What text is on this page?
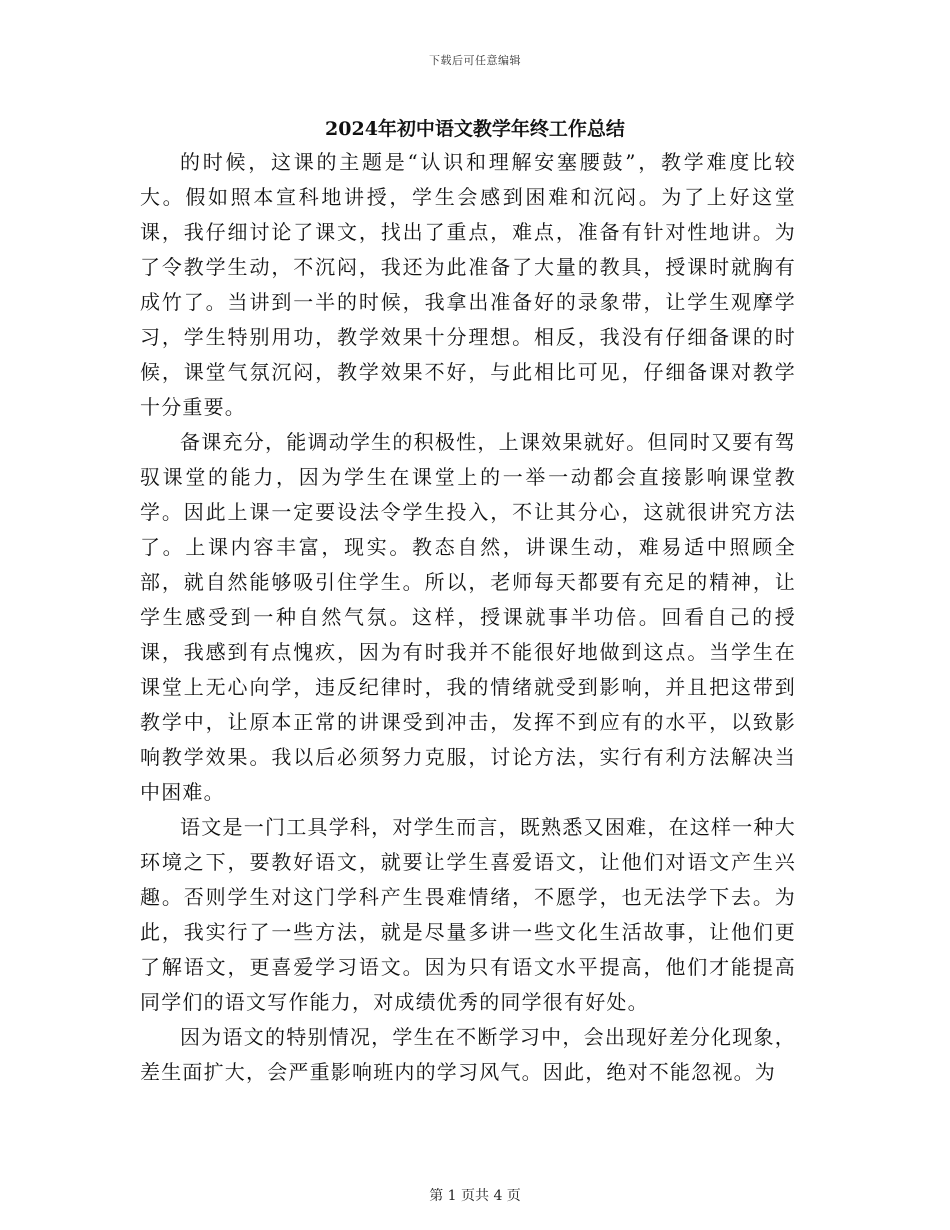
下载后可任意编辑
2024年初中语文教学年终工作总结

的时候，这课的主题是“认识和理解安塞腰鼓”，教学难度比较大。假如照本宣科地讲授，学生会感到困难和沉闷。为了上好这堂课，我仔细讨论了课文，找出了重点，难点，准备有针对性地讲。为了令教学生动，不沉闷，我还为此准备了大量的教具，授课时就胸有成竹了。当讲到一半的时候，我拿出准备好的录象带，让学生观摩学习，学生特别用功，教学效果十分理想。相反，我没有仔细备课的时候，课堂气氛沉闷，教学效果不好，与此相比可见，仔细备课对教学十分重要。

备课充分，能调动学生的积极性，上课效果就好。但同时又要有驾驭课堂的能力，因为学生在课堂上的一举一动都会直接影响课堂教学。因此上课一定要设法令学生投入，不让其分心，这就很讲究方法了。上课内容丰富，现实。教态自然，讲课生动，难易适中照顾全部，就自然能够吸引住学生。所以，老师每天都要有充足的精神，让学生感受到一种自然气氛。这样，授课就事半功倍。回看自己的授课，我感到有点愧疚，因为有时我并不能很好地做到这点。当学生在课堂上无心向学，违反纪律时，我的情绪就受到影响，并且把这带到教学中，让原本正常的讲课受到冲击，发挥不到应有的水平，以致影响教学效果。我以后必须努力克服，讨论方法，实行有利方法解决当中困难。

语文是一门工具学科，对学生而言，既熟悉又困难，在这样一种大环境之下，要教好语文，就要让学生喜爱语文，让他们对语文产生兴趣。否则学生对这门学科产生畏难情绪，不愿学，也无法学下去。为此，我实行了一些方法，就是尽量多讲一些文化生活故事，让他们更了解语文，更喜爱学习语文。因为只有语文水平提高，他们才能提高同学们的语文写作能力，对成绩优秀的同学很有好处。

因为语文的特别情况，学生在不断学习中，会出现好差分化现象，差生面扩大，会严重影响班内的学习风气。因此，绝对不能忽视。为

第 1 页共 4 页
